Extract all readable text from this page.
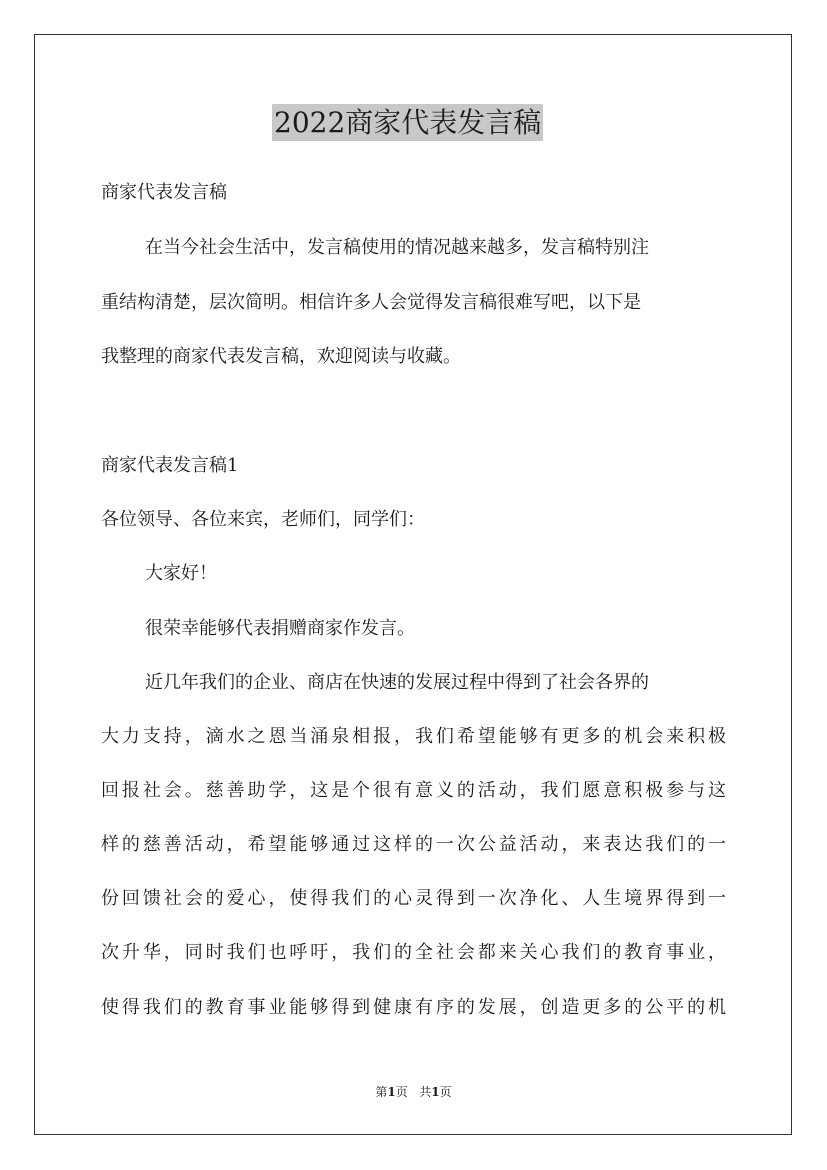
2022商家代表发言稿
商家代表发言稿
在当今社会生活中，发言稿使用的情况越来越多，发言稿特别注
重结构清楚，层次简明。相信许多人会觉得发言稿很难写吧，以下是
我整理的商家代表发言稿，欢迎阅读与收藏。
商家代表发言稿1
各位领导、各位来宾，老师们，同学们：
大家好！
很荣幸能够代表捐赠商家作发言。
近几年我们的企业、商店在快速的发展过程中得到了社会各界的
大力支持，滴水之恩当涌泉相报，我们希望能够有更多的机会来积极
回报社会。慈善助学，这是个很有意义的活动，我们愿意积极参与这
样的慈善活动，希望能够通过这样的一次公益活动，来表达我们的一
份回馈社会的爱心，使得我们的心灵得到一次净化、人生境界得到一
次升华，同时我们也呼吁，我们的全社会都来关心我们的教育事业，
使得我们的教育事业能够得到健康有序的发展，创造更多的公平的机
第1页 共1页
